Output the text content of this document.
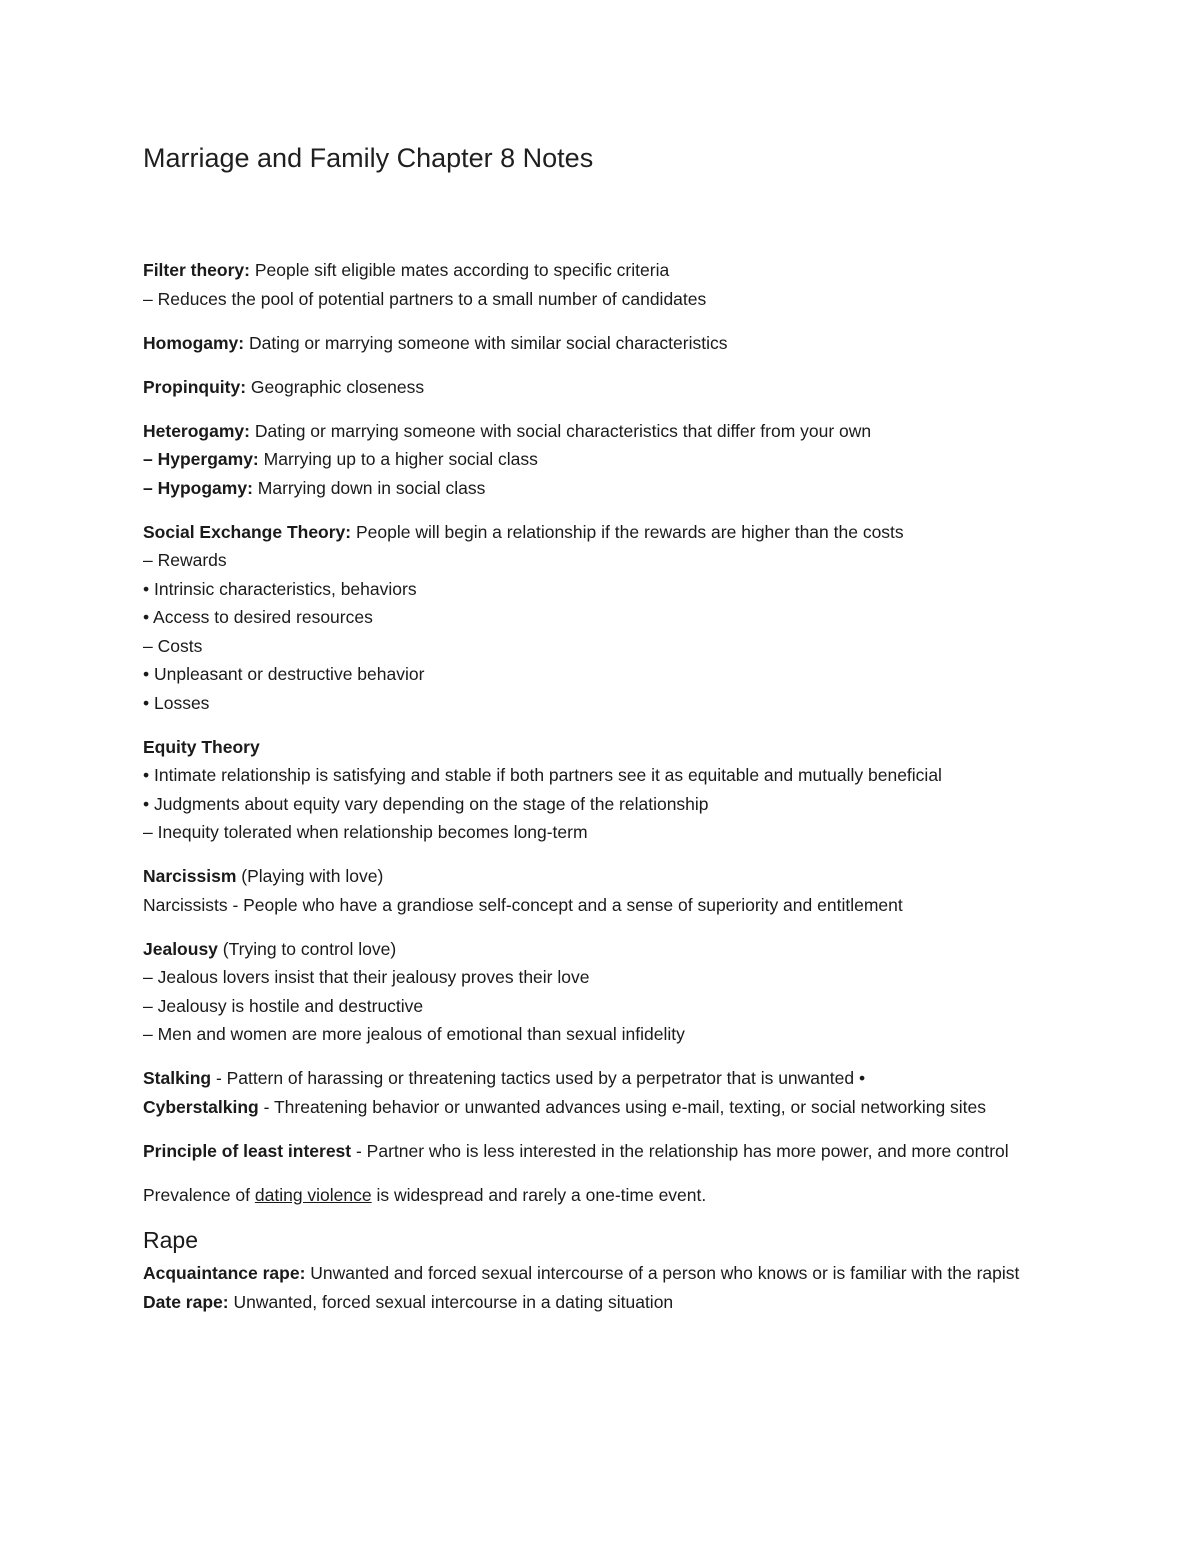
Marriage and Family Chapter 8 Notes
Filter theory: People sift eligible mates according to specific criteria
– Reduces the pool of potential partners to a small number of candidates
Homogamy: Dating or marrying someone with similar social characteristics
Propinquity: Geographic closeness
Heterogamy: Dating or marrying someone with social characteristics that differ from your own
– Hypergamy: Marrying up to a higher social class
– Hypogamy: Marrying down in social class
Social Exchange Theory: People will begin a relationship if the rewards are higher than the costs
– Rewards
• Intrinsic characteristics, behaviors
• Access to desired resources
– Costs
• Unpleasant or destructive behavior
• Losses
Equity Theory
• Intimate relationship is satisfying and stable if both partners see it as equitable and mutually beneficial
• Judgments about equity vary depending on the stage of the relationship
– Inequity tolerated when relationship becomes long-term
Narcissism (Playing with love)
Narcissists - People who have a grandiose self-concept and a sense of superiority and entitlement
Jealousy (Trying to control love)
– Jealous lovers insist that their jealousy proves their love
– Jealousy is hostile and destructive
– Men and women are more jealous of emotional than sexual infidelity
Stalking - Pattern of harassing or threatening tactics used by a perpetrator that is unwanted •
Cyberstalking - Threatening behavior or unwanted advances using e-mail, texting, or social networking sites
Principle of least interest - Partner who is less interested in the relationship has more power, and more control
Prevalence of dating violence is widespread and rarely a one-time event.
Rape
Acquaintance rape: Unwanted and forced sexual intercourse of a person who knows or is familiar with the rapist
Date rape: Unwanted, forced sexual intercourse in a dating situation
